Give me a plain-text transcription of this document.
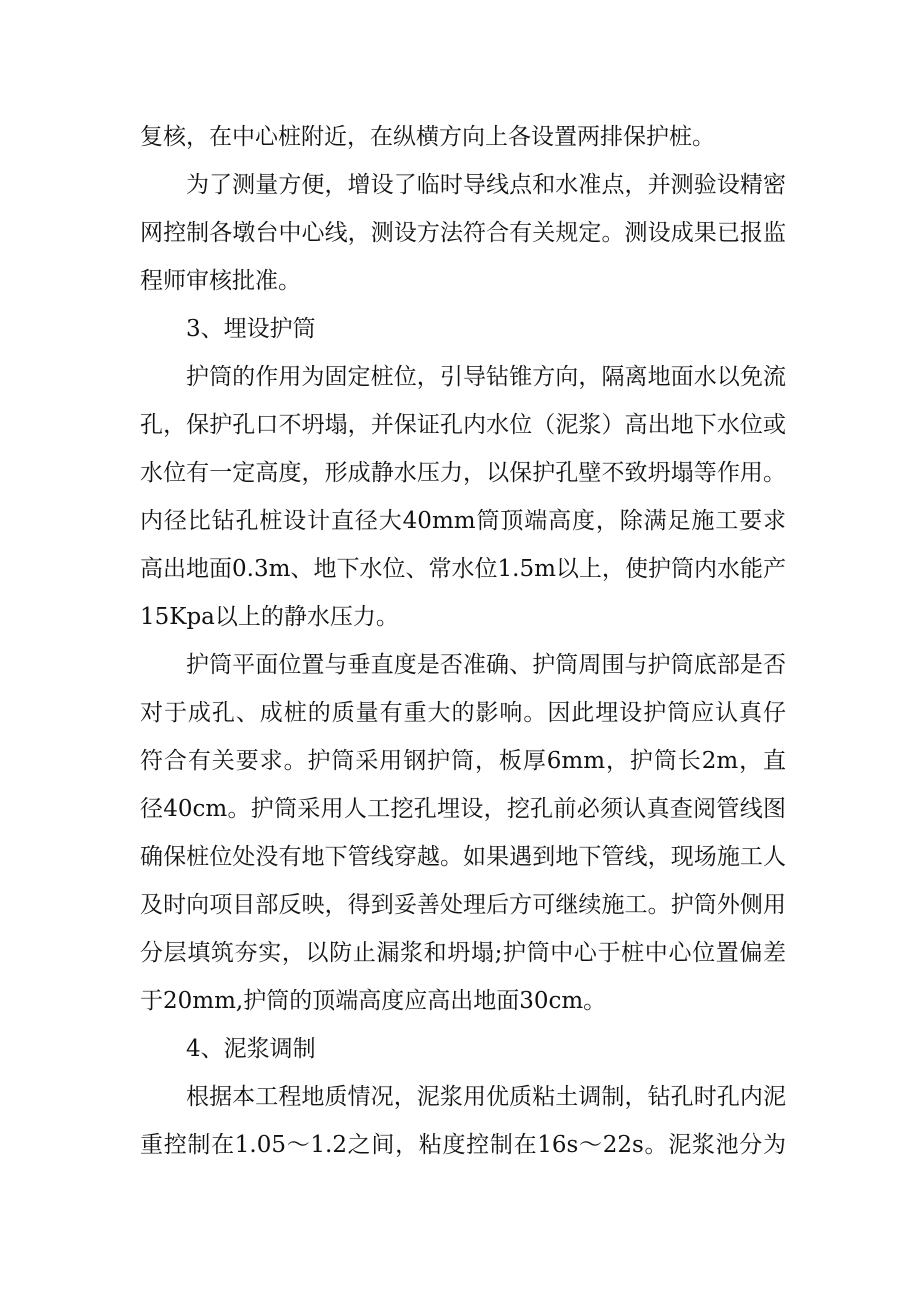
复核，在中心桩附近，在纵横方向上各设置两排保护桩。
为了测量方便，增设了临时导线点和水准点，并测验设精密
网控制各墩台中心线，测设方法符合有关规定。测设成果已报监
程师审核批准。
3、埋设护筒
护筒的作用为固定桩位，引导钻锥方向，隔离地面水以免流
孔，保护孔口不坍塌，并保证孔内水位（泥浆）高出地下水位或
水位有一定高度，形成静水压力，以保护孔壁不致坍塌等作用。
内径比钻孔桩设计直径大40mm筒顶端高度，除满足施工要求
高出地面0.3m、地下水位、常水位1.5m以上，使护筒内水能产
15Kpa以上的静水压力。
护筒平面位置与垂直度是否准确、护筒周围与护筒底部是否
对于成孔、成桩的质量有重大的影响。因此埋设护筒应认真仔
符合有关要求。护筒采用钢护筒，板厚6mm，护筒长2m，直
径40cm。护筒采用人工挖孔埋设，挖孔前必须认真查阅管线图
确保桩位处没有地下管线穿越。如果遇到地下管线，现场施工人
及时向项目部反映，得到妥善处理后方可继续施工。护筒外侧用
分层填筑夯实，以防止漏浆和坍塌;护筒中心于桩中心位置偏差
于20mm,护筒的顶端高度应高出地面30cm。
4、泥浆调制
根据本工程地质情况，泥浆用优质粘土调制，钻孔时孔内泥
重控制在1.05～1.2之间，粘度控制在16s～22s。泥浆池分为
